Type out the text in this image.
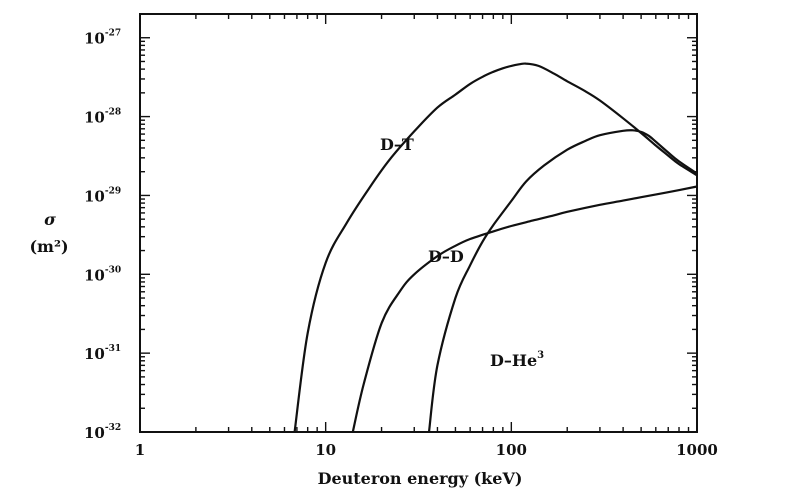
1	10	100	1000
$10^{-32}$
$10^{-31}$
$10^{-30}$
$10^{-29}$
$10^{-28}$
$10^{-27}$
Deuteron energy (keV)
σ
(m²)
D–T
D–D
D–He$^3$
